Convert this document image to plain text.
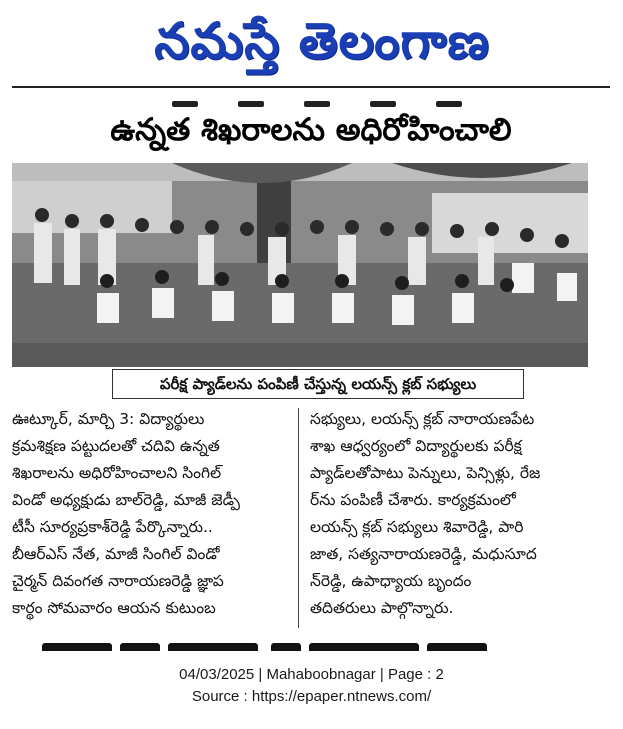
నమస్తే తెలంగాణ
ఉన్నత శిఖరాలను అధిరోహించాలి
పరీక్ష ప్యాడ్‌లను పంపిణీ చేస్తున్న లయన్స్ క్లబ్ సభ్యులు

ఊట్కూర్, మార్చి 3: విద్యార్థులు

క్రమశిక్షణ పట్టుదలతో చదివి ఉన్నత

శిఖరాలను అధిరోహించాలని సింగిల్

విండో అధ్యక్షుడు బాల్‌రెడ్డి, మాజీ జెడ్పీ

టీసీ సూర్యప్రకాశ్‌రెడ్డి పేర్కొన్నారు..

బీఆర్ఎస్ నేత, మాజీ సింగిల్ విండో

చైర్మన్ దివంగత నారాయణరెడ్డి జ్ఞాప

కార్థం సోమవారం ఆయన కుటుంబ

సభ్యులు, లయన్స్ క్లబ్ నారాయణపేట

శాఖ ఆధ్వర్యంలో విద్యార్థులకు పరీక్ష

ప్యాడ్‌లతోపాటు పెన్నులు, పెన్సిళ్లు, రేజ

ర్‌ను పంపిణీ చేశారు. కార్యక్రమంలో

లయన్స్ క్లబ్ సభ్యులు శివారెడ్డి, పారి

జాత, సత్యనారాయణరెడ్డి, మధుసూద

న్‌రెడ్డి, ఉపాధ్యాయ బృందం

తదితరులు పాల్గొన్నారు.

04/03/2025 | Mahaboobnagar | Page : 2
Source : https://epaper.ntnews.com/
